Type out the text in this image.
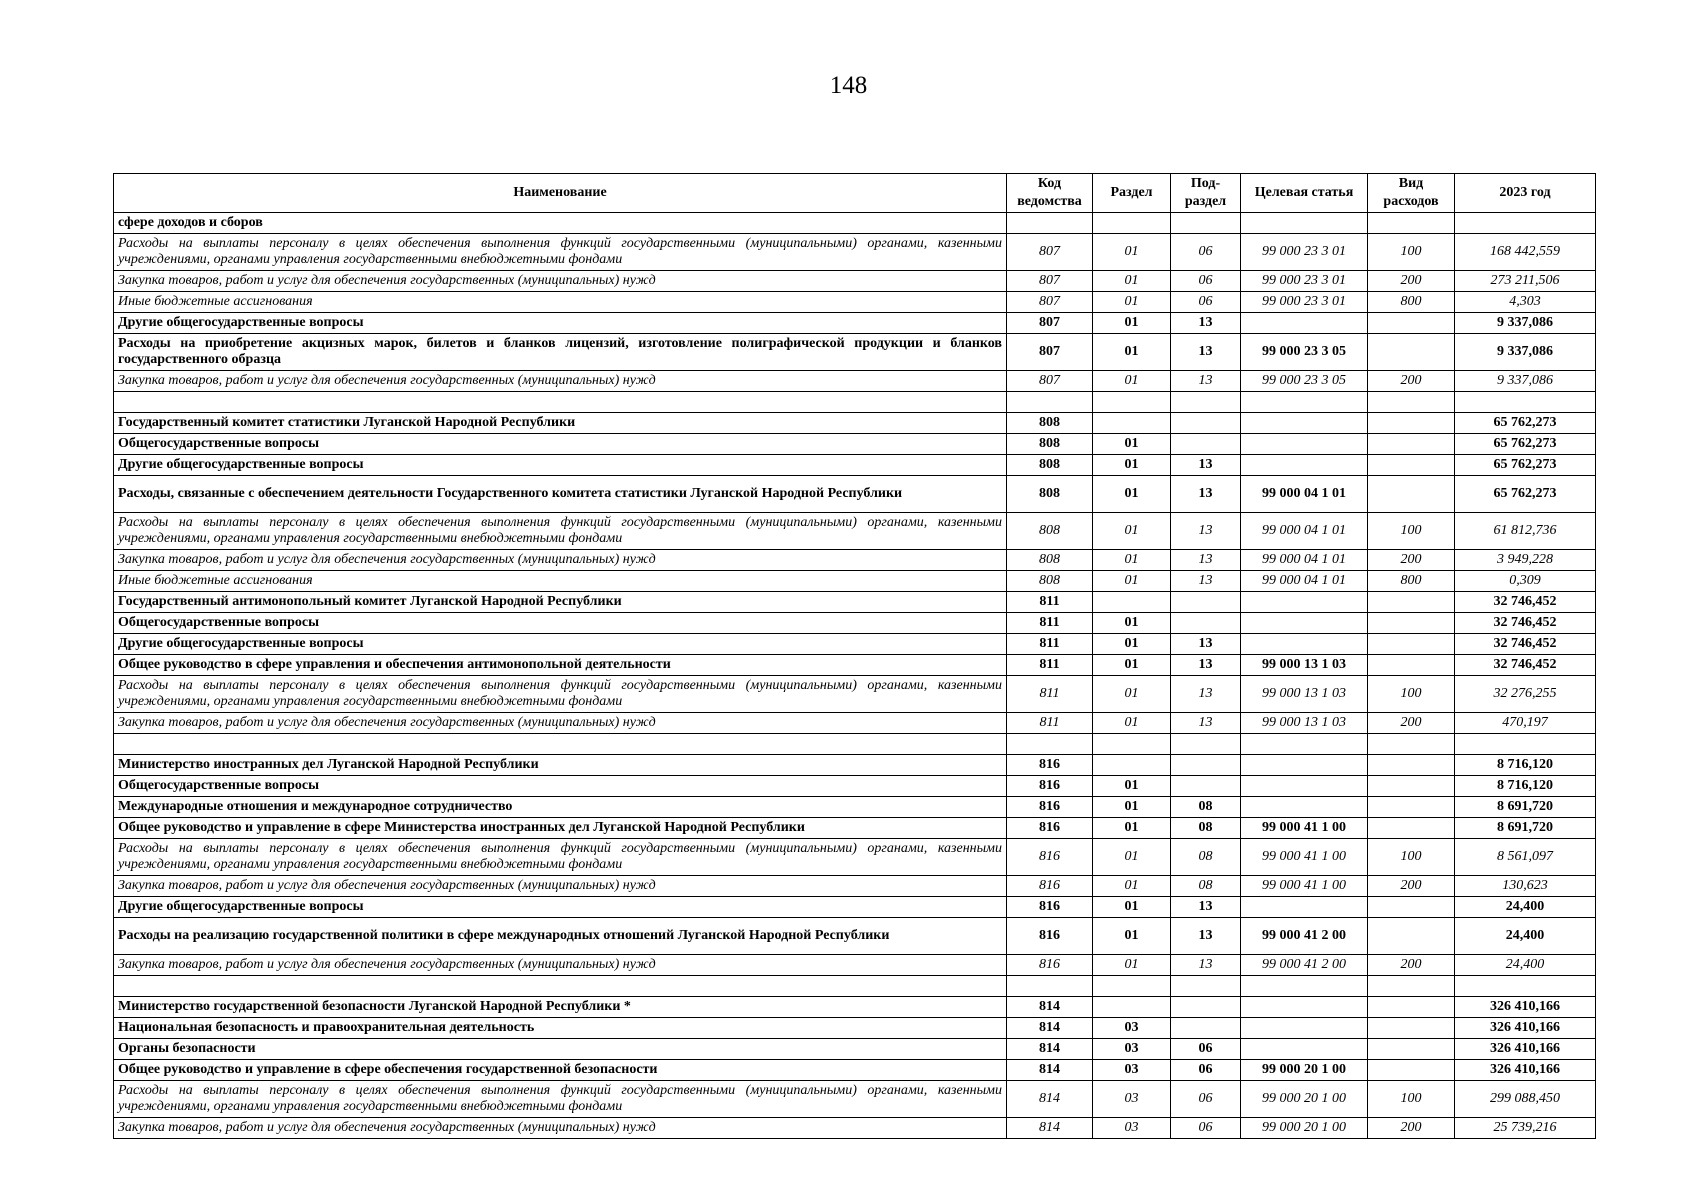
148
Наименование	Код ведомства	Раздел	Под-раздел	Целевая статья	Вид расходов	2023 год
сфере доходов и сборов						
Расходы на выплаты персоналу в целях обеспечения выполнения функций государственными (муниципальными) органами, казенными учреждениями, органами управления государственными внебюджетными фондами	807	01	06	99 000 23 3 01	100	168 442,559
Закупка товаров, работ и услуг для обеспечения государственных (муниципальных) нужд	807	01	06	99 000 23 3 01	200	273 211,506
Иные бюджетные ассигнования	807	01	06	99 000 23 3 01	800	4,303
Другие общегосударственные вопросы	807	01	13			9 337,086
Расходы на приобретение акцизных марок, билетов и бланков лицензий, изготовление полиграфической продукции и бланков государственного образца	807	01	13	99 000 23 3 05		9 337,086
Закупка товаров, работ и услуг для обеспечения государственных (муниципальных) нужд	807	01	13	99 000 23 3 05	200	9 337,086

Государственный комитет статистики Луганской Народной Республики	808					65 762,273
Общегосударственные вопросы	808	01				65 762,273
Другие общегосударственные вопросы	808	01	13			65 762,273
Расходы, связанные с обеспечением деятельности Государственного комитета статистики Луганской Народной Республики	808	01	13	99 000 04 1 01		65 762,273
Расходы на выплаты персоналу в целях обеспечения выполнения функций государственными (муниципальными) органами, казенными учреждениями, органами управления государственными внебюджетными фондами	808	01	13	99 000 04 1 01	100	61 812,736
Закупка товаров, работ и услуг для обеспечения государственных (муниципальных) нужд	808	01	13	99 000 04 1 01	200	3 949,228
Иные бюджетные ассигнования	808	01	13	99 000 04 1 01	800	0,309
Государственный антимонопольный комитет Луганской Народной Республики	811					32 746,452
Общегосударственные вопросы	811	01				32 746,452
Другие общегосударственные вопросы	811	01	13			32 746,452
Общее руководство в сфере управления и обеспечения антимонопольной деятельности	811	01	13	99 000 13 1 03		32 746,452
Расходы на выплаты персоналу в целях обеспечения выполнения функций государственными (муниципальными) органами, казенными учреждениями, органами управления государственными внебюджетными фондами	811	01	13	99 000 13 1 03	100	32 276,255
Закупка товаров, работ и услуг для обеспечения государственных (муниципальных) нужд	811	01	13	99 000 13 1 03	200	470,197

Министерство иностранных дел Луганской Народной Республики	816					8 716,120
Общегосударственные вопросы	816	01				8 716,120
Международные отношения и международное сотрудничество	816	01	08			8 691,720
Общее руководство и управление в сфере Министерства иностранных дел Луганской Народной Республики	816	01	08	99 000 41 1 00		8 691,720
Расходы на выплаты персоналу в целях обеспечения выполнения функций государственными (муниципальными) органами, казенными учреждениями, органами управления государственными внебюджетными фондами	816	01	08	99 000 41 1 00	100	8 561,097
Закупка товаров, работ и услуг для обеспечения государственных (муниципальных) нужд	816	01	08	99 000 41 1 00	200	130,623
Другие общегосударственные вопросы	816	01	13			24,400
Расходы на реализацию государственной политики в сфере международных отношений Луганской Народной Республики	816	01	13	99 000 41 2 00		24,400
Закупка товаров, работ и услуг для обеспечения государственных (муниципальных) нужд	816	01	13	99 000 41 2 00	200	24,400

Министерство государственной безопасности Луганской Народной Республики *	814					326 410,166
Национальная безопасность и правоохранительная деятельность	814	03				326 410,166
Органы безопасности	814	03	06			326 410,166
Общее руководство и управление в сфере обеспечения государственной безопасности	814	03	06	99 000 20 1 00		326 410,166
Расходы на выплаты персоналу в целях обеспечения выполнения функций государственными (муниципальными) органами, казенными учреждениями, органами управления государственными внебюджетными фондами	814	03	06	99 000 20 1 00	100	299 088,450
Закупка товаров, работ и услуг для обеспечения государственных (муниципальных) нужд	814	03	06	99 000 20 1 00	200	25 739,216
